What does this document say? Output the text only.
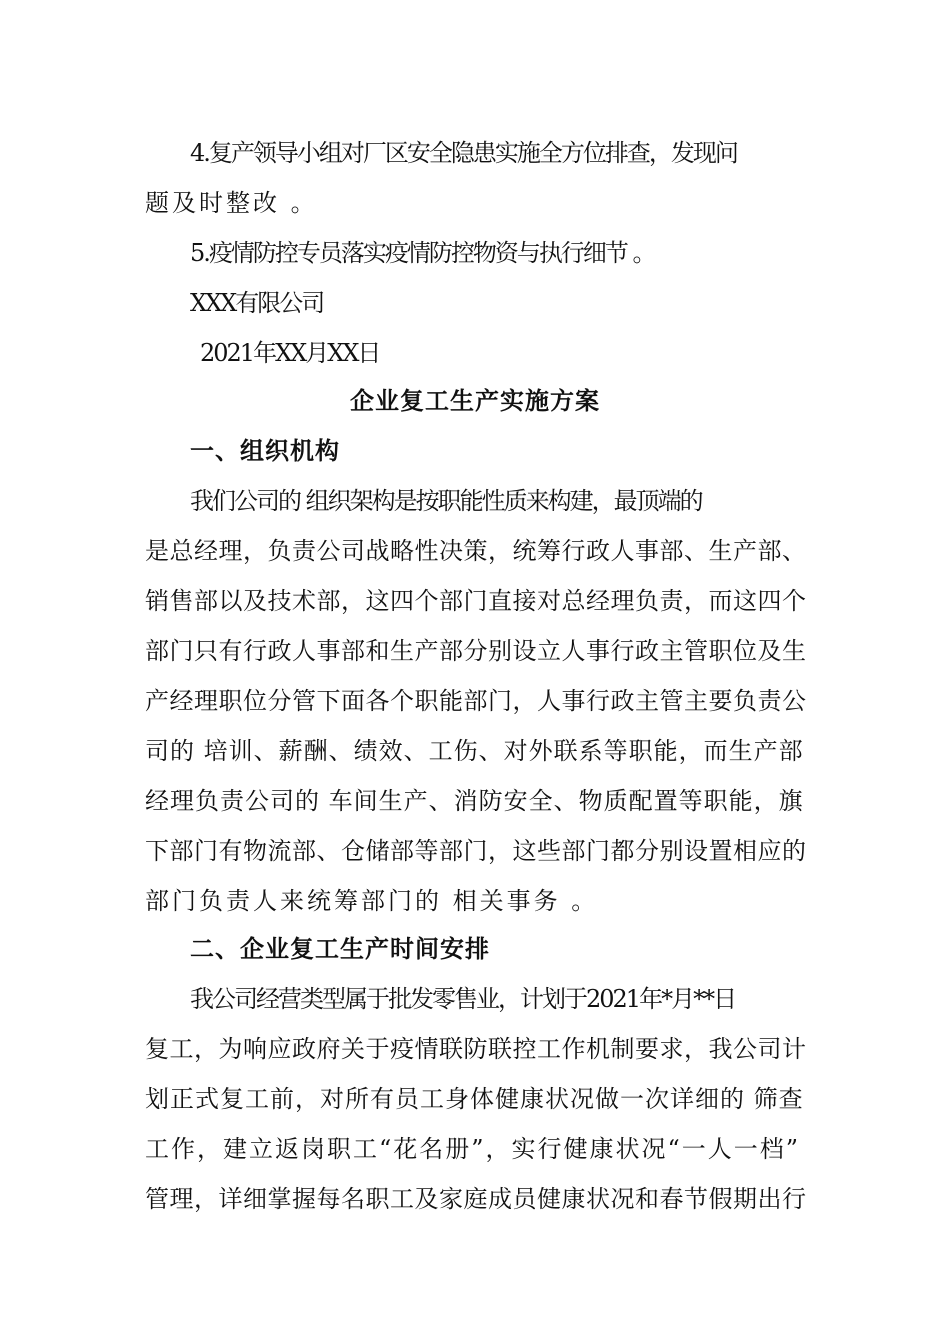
4.复产领导小组对厂区安全隐患实施全方位排查，发现问
题及时整改 。
5.疫情防控专员落实疫情防控物资与执行细节 。
XXX有限公司
2021年XX月XX日
企业复工生产实施方案
一、组织机构
我们公司的 组织架构是按职能性质来构建，最顶端的
是总经理，负责公司战略性决策，统筹行政人事部、生产部、
销售部以及技术部，这四个部门直接对总经理负责，而这四个
部门只有行政人事部和生产部分别设立人事行政主管职位及生
产经理职位分管下面各个职能部门，人事行政主管主要负责公
司的 培训、薪酬、绩效、工伤、对外联系等职能，而生产部
经理负责公司的 车间生产、消防安全、物质配置等职能，旗
下部门有物流部、仓储部等部门，这些部门都分别设置相应的
部门负责人来统筹部门的 相关事务 。
二、企业复工生产时间安排
我公司经营类型属于批发零售业，计划于2021年*月**日
复工，为响应政府关于疫情联防联控工作机制要求，我公司计
划正式复工前，对所有员工身体健康状况做一次详细的 筛查
工作，建立返岗职工“花名册”，实行健康状况“一人一档”
管理，详细掌握每名职工及家庭成员健康状况和春节假期出行
